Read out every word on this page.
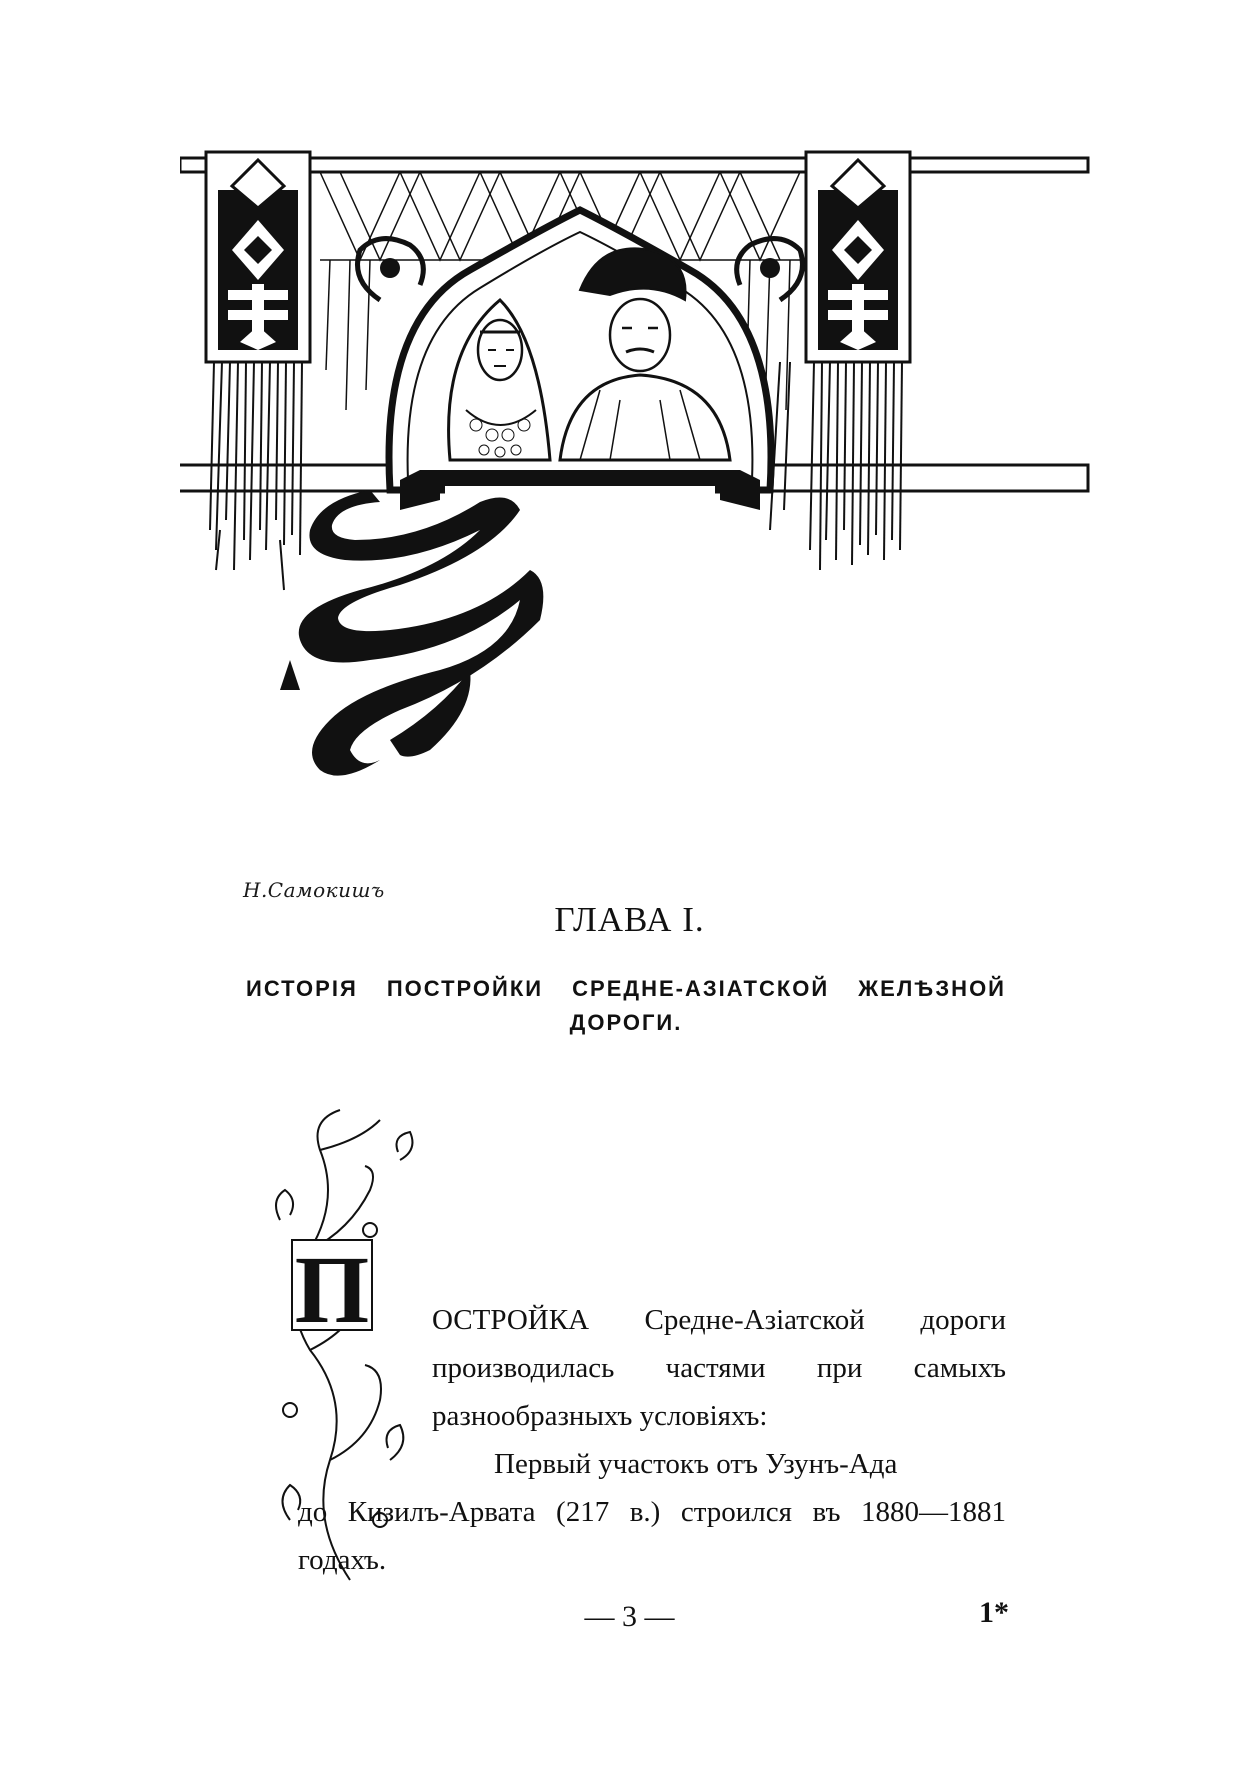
Н.Самокишъ
ГЛАВА I.
ИСТОРІЯ ПОСТРОЙКИ СРЕДНЕ-АЗІАТСКОЙ ЖЕЛѢЗНОЙ ДОРОГИ.
П ОСТРОЙКА Средне-Азіатской дороги производилась частями при самыхъ разнообразныхъ условіяхъ:

Первый участокъ отъ Узунъ-Ада

до Кизилъ-Арвата (217 в.) строился въ 1880—1881 годахъ.

— 3 —	1*
